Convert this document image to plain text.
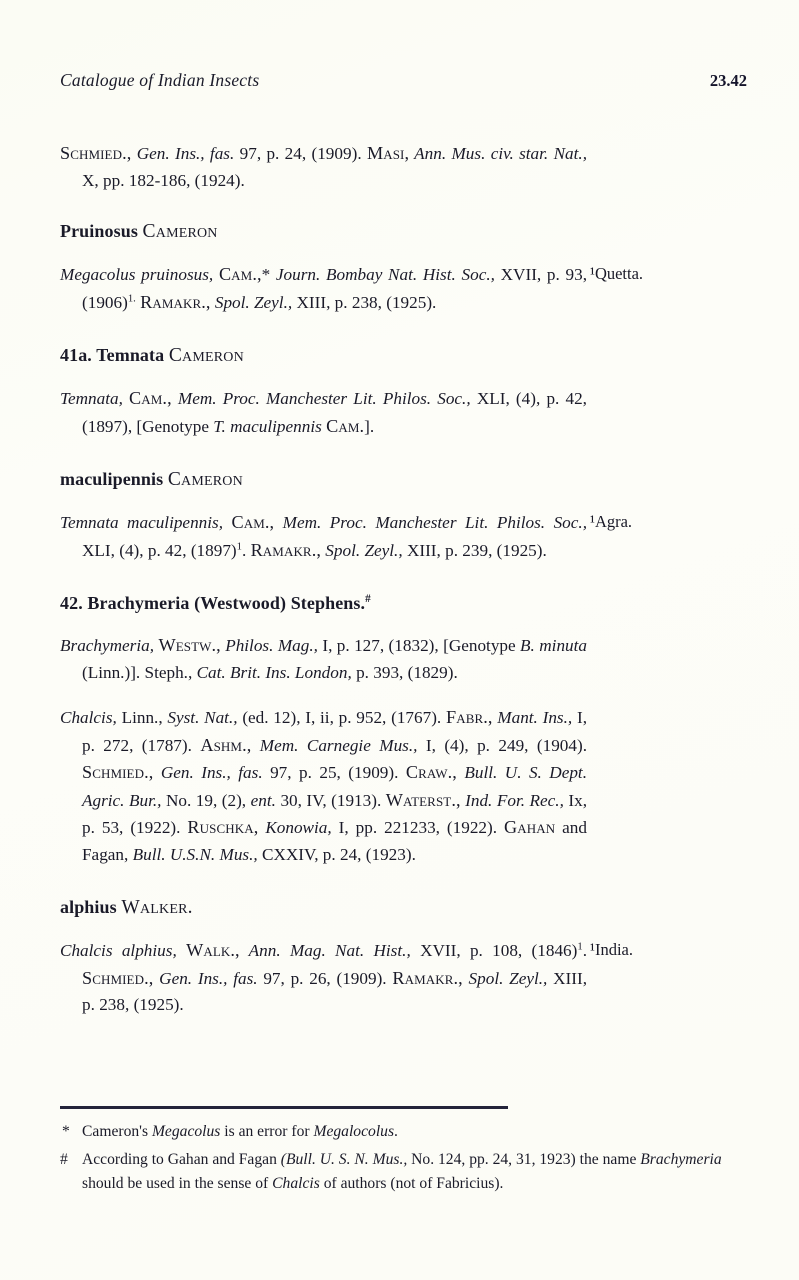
Catalogue of Indian Insects	23.42

Schmied., Gen. Ins., fas. 97, p. 24, (1909). Masi, Ann. Mus. civ. star. Nat., X, pp. 182-186, (1924).

Pruinosus Cameron

Megacolus pruinosus, Cam.,* Journ. Bombay Nat. Hist. Soc., XVII, p. 93, $(1906)^{1.}$ Ramakr., Spol. Zeyl., XIII, p. 238, (1925).

¹Quetta.
41a. Temnata Cameron

Temnata, Cam., Mem. Proc. Manchester Lit. Philos. Soc., XLI, (4), p. 42, (1897), [Genotype T. maculipennis Cam.].

maculipennis Cameron

Temnata maculipennis, Cam., Mem. Proc. Manchester Lit. Philos. Soc., XLI, (4), p. 42, $(1897)^1$. Ramakr., Spol. Zeyl., XIII, p. 239, (1925).

¹Agra.
42. Brachymeria (Westwood) Stephens.#

Brachymeria, Westw., Philos. Mag., I, p. 127, (1832), [Genotype B. minuta (Linn.)]. Steph., Cat. Brit. Ins. London, p. 393, (1829).

Chalcis, Linn., Syst. Nat., (ed. 12), I, ii, p. 952, (1767). Fabr., Mant. Ins., I, p. 272, (1787). Ashm., Mem. Carnegie Mus., I, (4), p. 249, (1904). Schmied., Gen. Ins., fas. 97, p. 25, (1909). Craw., Bull. U. S. Dept. Agric. Bur., No. 19, (2), ent. 30, IV, (1913). Waterst., Ind. For. Rec., Ix, p. 53, (1922). Ruschka, Konowia, I, pp. 221233, (1922). Gahan and Fagan, Bull. U.S.N. Mus., CXXIV, p. 24, (1923).

alphius Walker.

Chalcis alphius, Walk., Ann. Mag. Nat. Hist., XVII, p. 108, $(1846)^1$. Schmied., Gen. Ins., fas. 97, p. 26, (1909). Ramakr., Spol. Zeyl., XIII, p. 238, (1925).

¹India.
* Cameron's Megacolus is an error for Megalocolus.
# According to Gahan and Fagan (Bull. U. S. N. Mus., No. 124, pp. 24, 31, 1923) the name Brachymeria should be used in the sense of Chalcis of authors (not of Fabricius).
